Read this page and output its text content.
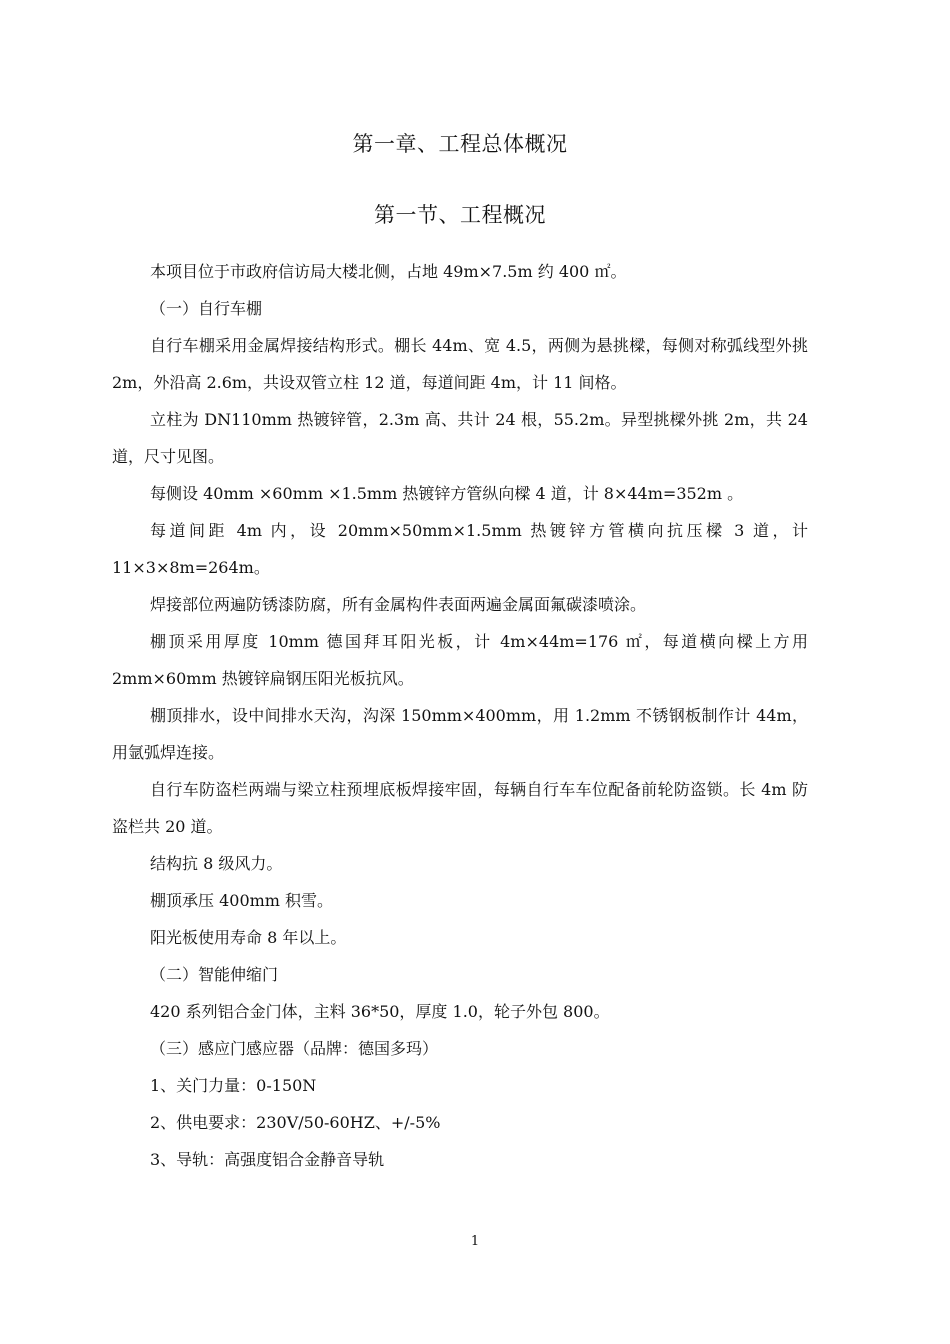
第一章、工程总体概况
第一节、工程概况

本项目位于市政府信访局大楼北侧，占地 49m×7.5m 约 400 ㎡。

（一）自行车棚

自行车棚采用金属焊接结构形式。棚长 44m、宽 4.5，两侧为悬挑樑，每侧对称弧线型外挑 2m，外沿高 2.6m，共设双管立柱 12 道，每道间距 4m，计 11 间格。

立柱为 DN110mm 热镀锌管，2.3m 高、共计 24 根，55.2m。异型挑樑外挑 2m，共 24 道，尺寸见图。

每侧设 40mm ×60mm ×1.5mm 热镀锌方管纵向樑 4 道，计 8×44m=352m 。

每道间距 4m 内，设 20mm×50mm×1.5mm 热镀锌方管横向抗压樑 3 道，计 11×3×8m=264m。

焊接部位两遍防锈漆防腐，所有金属构件表面两遍金属面氟碳漆喷涂。

棚顶采用厚度 10mm 德国拜耳阳光板，计 4m×44m=176 ㎡，每道横向樑上方用 2mm×60mm 热镀锌扁钢压阳光板抗风。

棚顶排水，设中间排水天沟，沟深 150mm×400mm，用 1.2mm 不锈钢板制作计 44m，用氩弧焊连接。

自行车防盗栏两端与梁立柱预埋底板焊接牢固，每辆自行车车位配备前轮防盗锁。长 4m 防盗栏共 20 道。

结构抗 8 级风力。

棚顶承压 400mm 积雪。

阳光板使用寿命 8 年以上。

（二）智能伸缩门

420 系列铝合金门体，主料 36*50，厚度 1.0，轮子外包 800。

（三）感应门感应器（品牌：德国多玛）

1、关门力量：0-150N

2、供电要求：230V/50-60HZ、+/-5%

3、导轨：高强度铝合金静音导轨

1
